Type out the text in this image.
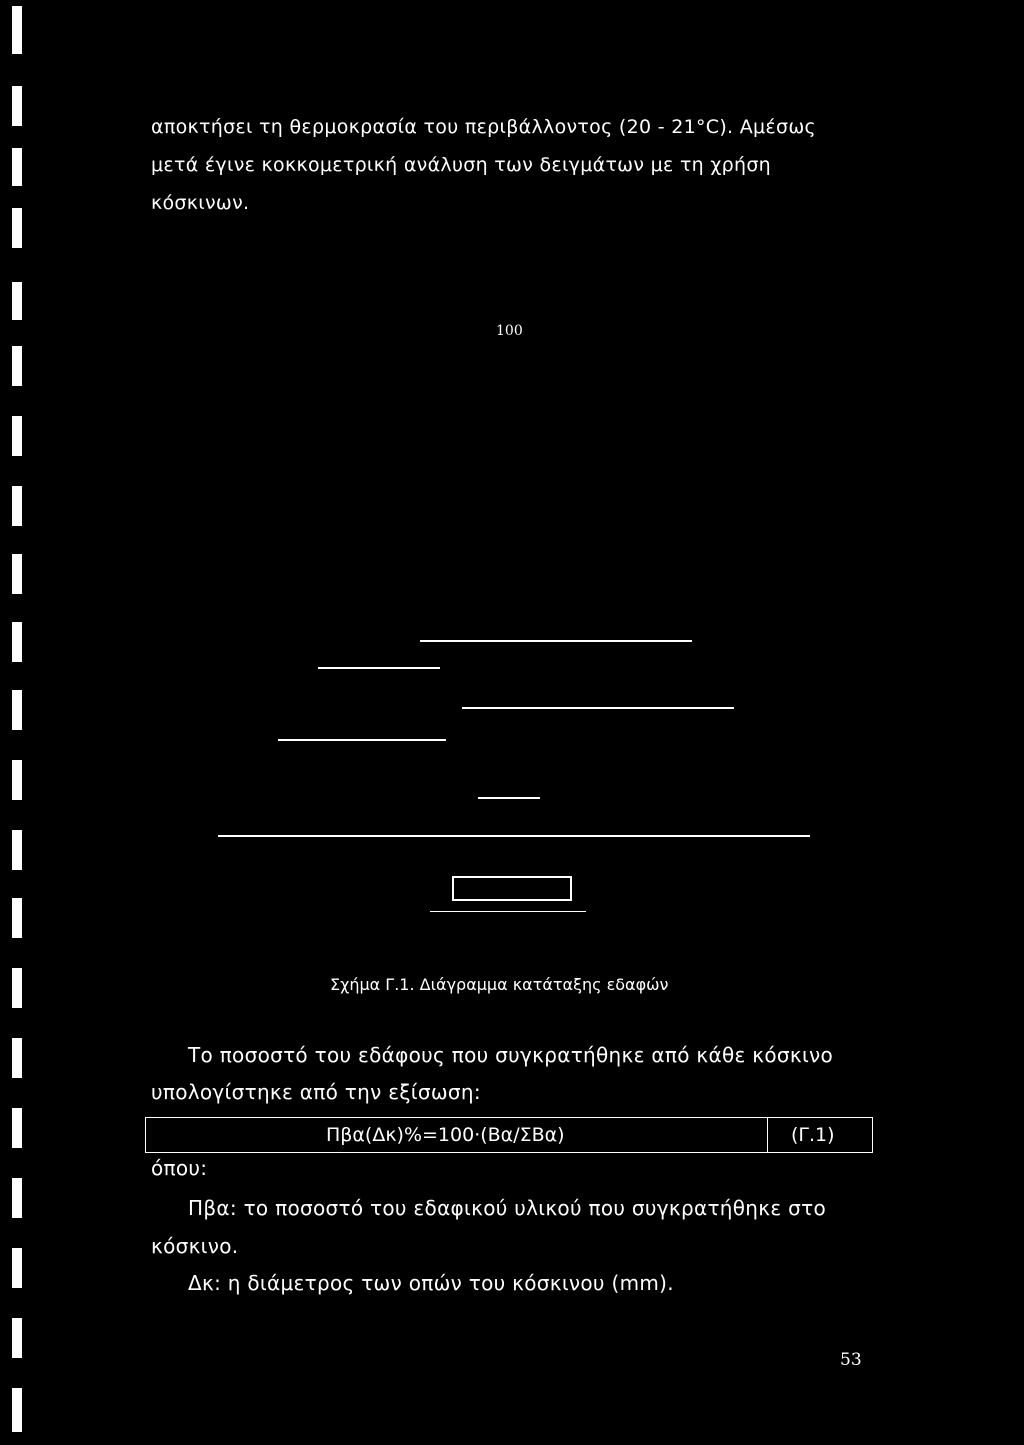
αποκτήσει τη θερμοκρασία του περιβάλλοντος (20 - 21°C). Αμέσως
μετά έγινε κοκκομετρική ανάλυση των δειγμάτων με τη χρήση
κόσκινων.
100
Σχήμα Γ.1. Διάγραμμα κατάταξης εδαφών
Το ποσοστό του εδάφους που συγκρατήθηκε από κάθε κόσκινο
υπολογίστηκε από την εξίσωση:
Πβα(Δκ)%=100·(Βα/ΣΒα)	(Γ.1)
όπου:
Πβα: το ποσοστό του εδαφικού υλικού που συγκρατήθηκε στο
κόσκινο.
Δκ: η διάμετρος των οπών του κόσκινου (mm).
53
